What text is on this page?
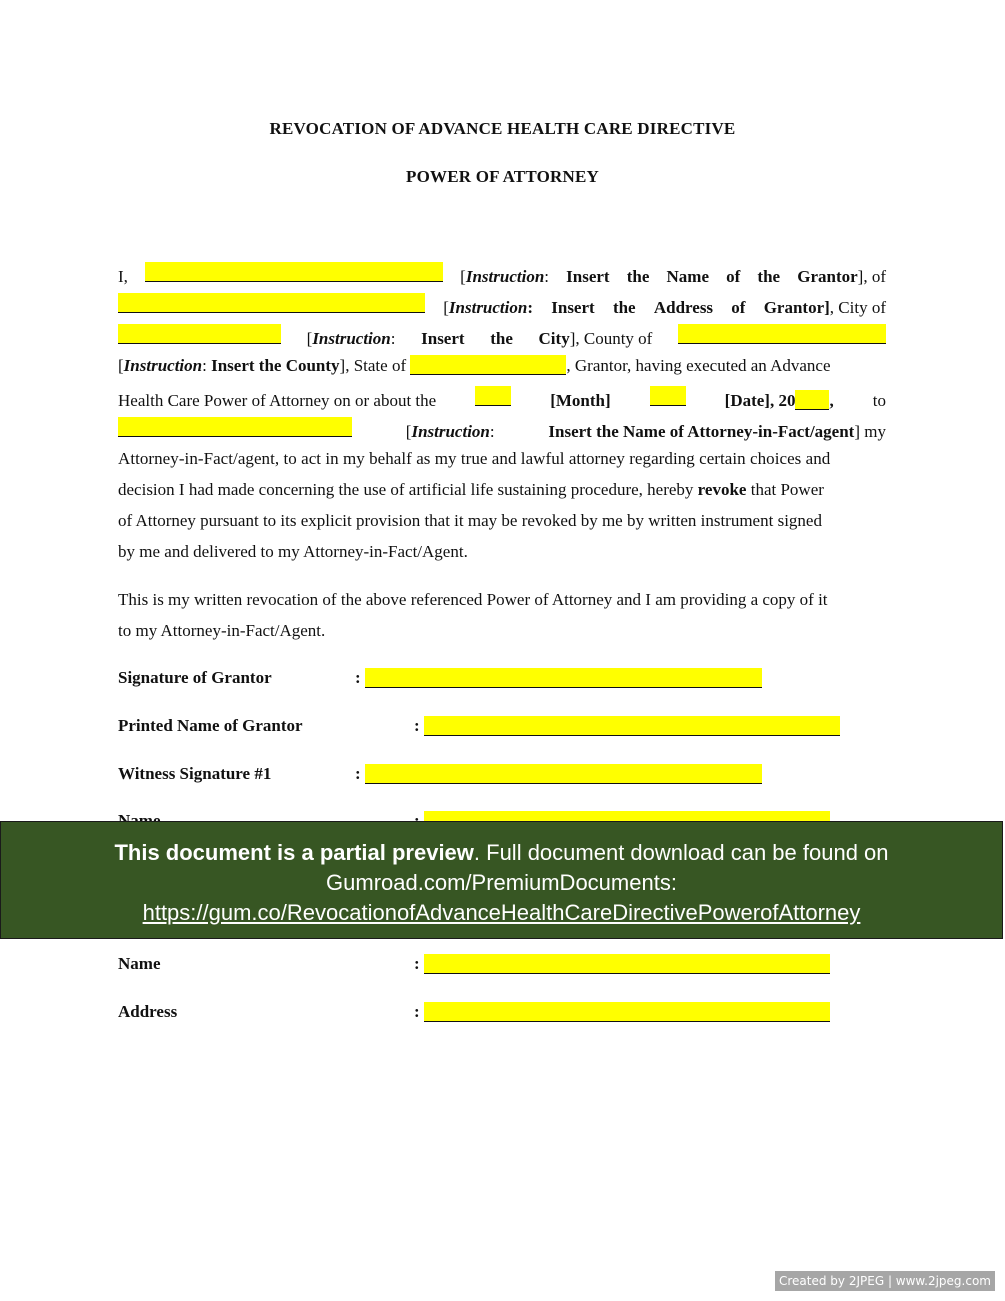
REVOCATION OF ADVANCE HEALTH CARE DIRECTIVE
POWER OF ATTORNEY
I,	[Instruction: Insert the Name of the Grantor], of
[Instruction: Insert the Address of Grantor], City of
[Instruction: Insert the City], County of
[Instruction: Insert the County], State of	, Grantor, having executed an Advance
Health Care Power of Attorney on or about the	[Month]	[Date], 20 , to
[Instruction:	Insert the Name of Attorney-in-Fact/agent] my
Attorney-in-Fact/agent, to act in my behalf as my true and lawful attorney regarding certain choices and
decision I had made concerning the use of artificial life sustaining procedure, hereby revoke that Power
of Attorney pursuant to its explicit provision that it may be revoked by me by written instrument signed
by me and delivered to my Attorney-in-Fact/Agent.
This is my written revocation of the above referenced Power of Attorney and I am providing a copy of it
to my Attorney-in-Fact/Agent.
Signature of Grantor	:
Printed Name of Grantor	:
Witness Signature #1	:
Name	:
Address	:
This document is a partial preview. Full document download can be found on
Gumroad.com/PremiumDocuments:
https://gum.co/RevocationofAdvanceHealthCareDirectivePowerofAttorney
Created by 2JPEG | www.2jpeg.com
